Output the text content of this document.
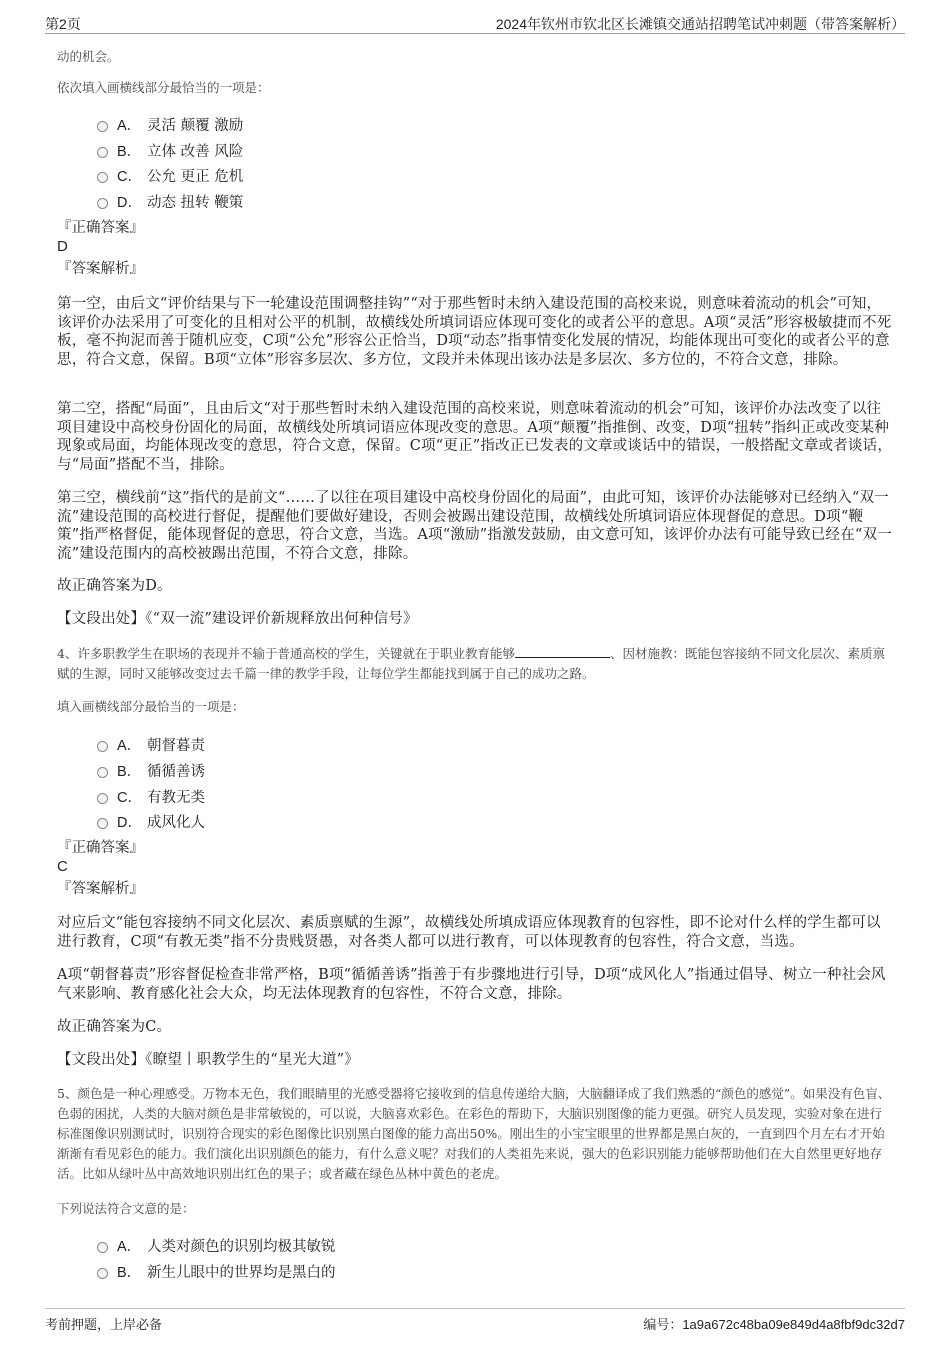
第2页	2024年钦州市钦北区长滩镇交通站招聘笔试冲刺题（带答案解析）
动的机会。
依次填入画横线部分最恰当的一项是：
A． 灵活 颠覆 激励
B． 立体 改善 风险
C． 公允 更正 危机
D． 动态 扭转 鞭策
『正确答案』
D
『答案解析』
第一空，由后文“评价结果与下一轮建设范围调整挂钩”“对于那些暂时未纳入建设范围的高校来说，则意味着流动的机会”可知，该评价办法采用了可变化的且相对公平的机制，故横线处所填词语应体现可变化的或者公平的意思。A项“灵活”形容极敏捷而不死板，毫不拘泥而善于随机应变，C项“公允”形容公正恰当，D项“动态”指事情变化发展的情况，均能体现出可变化的或者公平的意思，符合文意，保留。B项“立体”形容多层次、多方位，文段并未体现出该办法是多层次、多方位的，不符合文意，排除。
第二空，搭配“局面”，且由后文“对于那些暂时未纳入建设范围的高校来说，则意味着流动的机会”可知，该评价办法改变了以往项目建设中高校身份固化的局面，故横线处所填词语应体现改变的意思。A项“颠覆”指推倒、改变，D项“扭转”指纠正或改变某种现象或局面，均能体现改变的意思，符合文意，保留。C项“更正”指改正已发表的文章或谈话中的错误，一般搭配文章或者谈话，与“局面”搭配不当，排除。
第三空，横线前“这”指代的是前文“……了以往在项目建设中高校身份固化的局面”，由此可知，该评价办法能够对已经纳入“双一流”建设范围的高校进行督促，提醒他们要做好建设，否则会被踢出建设范围，故横线处所填词语应体现督促的意思。D项“鞭策”指严格督促，能体现督促的意思，符合文意，当选。A项“激励”指激发鼓励，由文意可知，该评价办法有可能导致已经在“双一流”建设范围内的高校被踢出范围，不符合文意，排除。
故正确答案为D。
【文段出处】《“双一流”建设评价新规释放出何种信号》
4、许多职教学生在职场的表现并不输于普通高校的学生，关键就在于职业教育能够	、因材施教：既能包容接纳不同文化层次、素质禀赋的生源，同时又能够改变过去千篇一律的教学手段，让每位学生都能找到属于自己的成功之路。
填入画横线部分最恰当的一项是：
A． 朝督暮责
B． 循循善诱
C． 有教无类
D． 成风化人
『正确答案』
C
『答案解析』
对应后文“能包容接纳不同文化层次、素质禀赋的生源”，故横线处所填成语应体现教育的包容性，即不论对什么样的学生都可以进行教育，C项“有教无类”指不分贵贱贤愚，对各类人都可以进行教育，可以体现教育的包容性，符合文意，当选。
A项“朝督暮责”形容督促检查非常严格，B项“循循善诱”指善于有步骤地进行引导，D项“成风化人”指通过倡导、树立一种社会风气来影响、教育感化社会大众，均无法体现教育的包容性，不符合文意，排除。
故正确答案为C。
【文段出处】《瞭望丨职教学生的“星光大道”》
5、颜色是一种心理感受。万物本无色，我们眼睛里的光感受器将它接收到的信息传递给大脑，大脑翻译成了我们熟悉的“颜色的感觉”。如果没有色盲、色弱的困扰，人类的大脑对颜色是非常敏锐的，可以说，大脑喜欢彩色。在彩色的帮助下，大脑识别图像的能力更强。研究人员发现，实验对象在进行标准图像识别测试时，识别符合现实的彩色图像比识别黑白图像的能力高出50%。刚出生的小宝宝眼里的世界都是黑白灰的，一直到四个月左右才开始渐渐有看见彩色的能力。我们演化出识别颜色的能力，有什么意义呢？对我们的人类祖先来说，强大的色彩识别能力能够帮助他们在大自然里更好地存活。比如从绿叶丛中高效地识别出红色的果子；或者藏在绿色丛林中黄色的老虎。
下列说法符合文意的是：
A． 人类对颜色的识别均极其敏锐
B． 新生儿眼中的世界均是黑白的
考前押题，上岸必备	编号：1a9a672c48ba09e849d4a8fbf9dc32d7
